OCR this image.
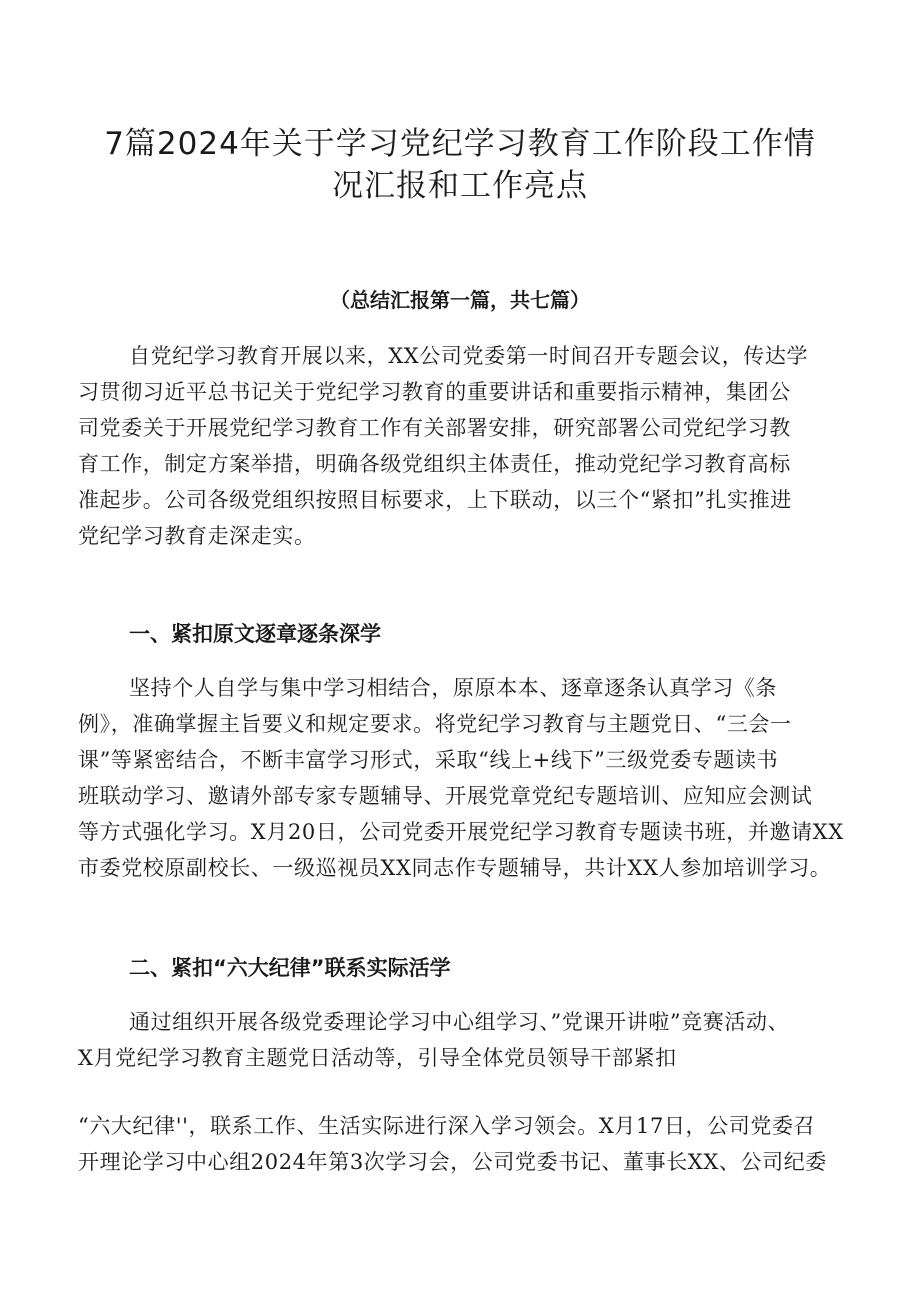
7篇2024年关于学习党纪学习教育工作阶段工作情
况汇报和工作亮点
（总结汇报第一篇，共七篇）
自党纪学习教育开展以来，XX公司党委第一时间召开专题会议，传达学
习贯彻习近平总书记关于党纪学习教育的重要讲话和重要指示精神，集团公
司党委关于开展党纪学习教育工作有关部署安排，研究部署公司党纪学习教
育工作，制定方案举措，明确各级党组织主体责任，推动党纪学习教育高标
准起步。公司各级党组织按照目标要求，上下联动，以三个“紧扣”扎实推进
党纪学习教育走深走实。
一、紧扣原文逐章逐条深学
坚持个人自学与集中学习相结合，原原本本、逐章逐条认真学习《条
例》，准确掌握主旨要义和规定要求。将党纪学习教育与主题党日、“三会一
课”等紧密结合，不断丰富学习形式，采取“线上+线下”三级党委专题读书
班联动学习、邀请外部专家专题辅导、开展党章党纪专题培训、应知应会测试
等方式强化学习。X月20日，公司党委开展党纪学习教育专题读书班，并邀请XX
市委党校原副校长、一级巡视员XX同志作专题辅导，共计XX人参加培训学习。
二、紧扣“六大纪律”联系实际活学
通过组织开展各级党委理论学习中心组学习、”党课开讲啦”竞赛活动、
X月党纪学习教育主题党日活动等，引导全体党员领导干部紧扣
“六大纪律''，联系工作、生活实际进行深入学习领会。X月17日，公司党委召
开理论学习中心组2024年第3次学习会，公司党委书记、董事长XX、公司纪委
